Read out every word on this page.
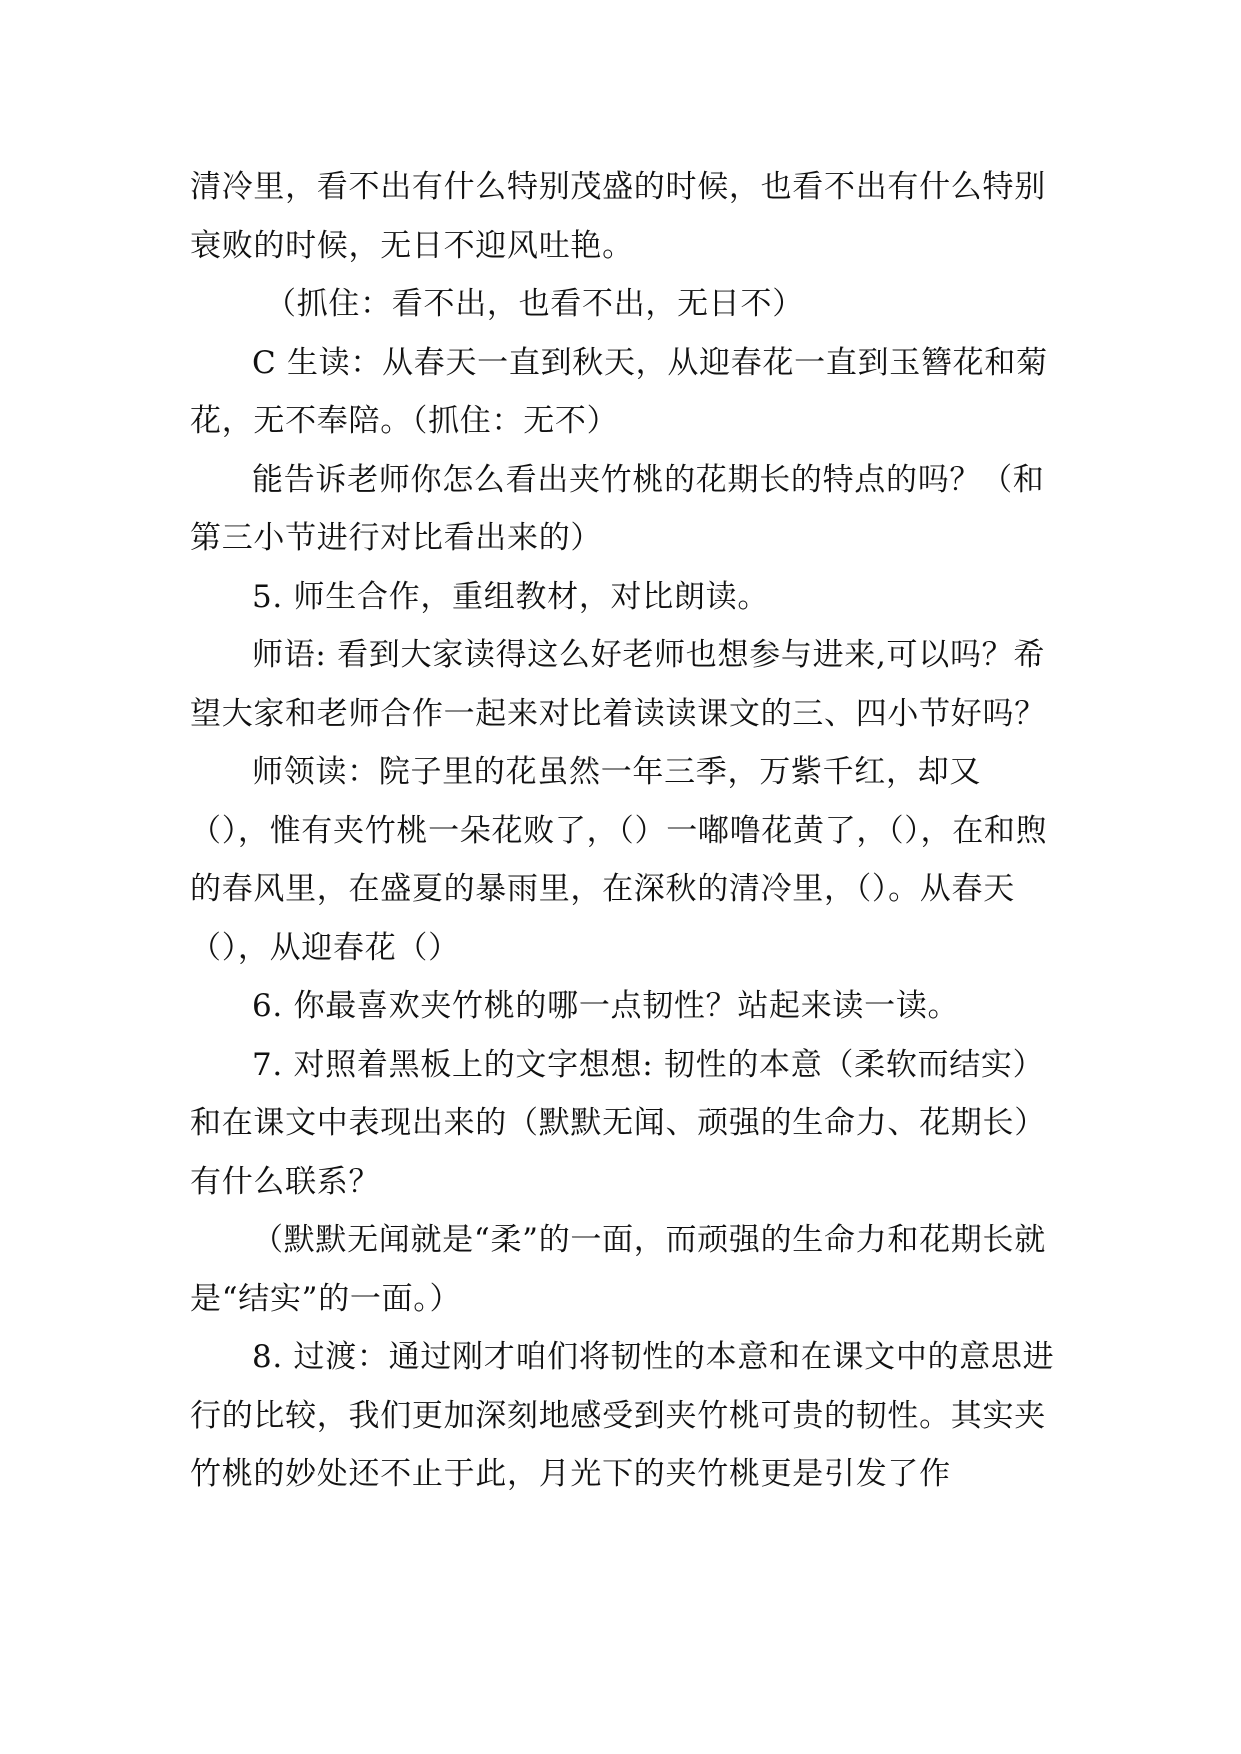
清冷里，看不出有什么特别茂盛的时候，也看不出有什么特别衰败的时候，无日不迎风吐艳。

（抓住：看不出，也看不出，无日不）

C 生读：从春天一直到秋天，从迎春花一直到玉簪花和菊花，无不奉陪。（抓住：无不）

能告诉老师你怎么看出夹竹桃的花期长的特点的吗？（和第三小节进行对比看出来的）

5. 师生合作，重组教材，对比朗读。

师语: 看到大家读得这么好老师也想参与进来,可以吗？希望大家和老师合作一起来对比着读读课文的三、四小节好吗？

师领读：院子里的花虽然一年三季，万紫千红，却又（），惟有夹竹桃一朵花败了，（）一嘟噜花黄了，（），在和煦的春风里，在盛夏的暴雨里，在深秋的清冷里，（）。从春天（），从迎春花（）

6. 你最喜欢夹竹桃的哪一点韧性？站起来读一读。

7. 对照着黑板上的文字想想: 韧性的本意（柔软而结实）和在课文中表现出来的（默默无闻、顽强的生命力、花期长）有什么联系？

（默默无闻就是“柔”的一面，而顽强的生命力和花期长就是“结实”的一面。）

8. 过渡：通过刚才咱们将韧性的本意和在课文中的意思进行的比较，我们更加深刻地感受到夹竹桃可贵的韧性。其实夹竹桃的妙处还不止于此，月光下的夹竹桃更是引发了作
